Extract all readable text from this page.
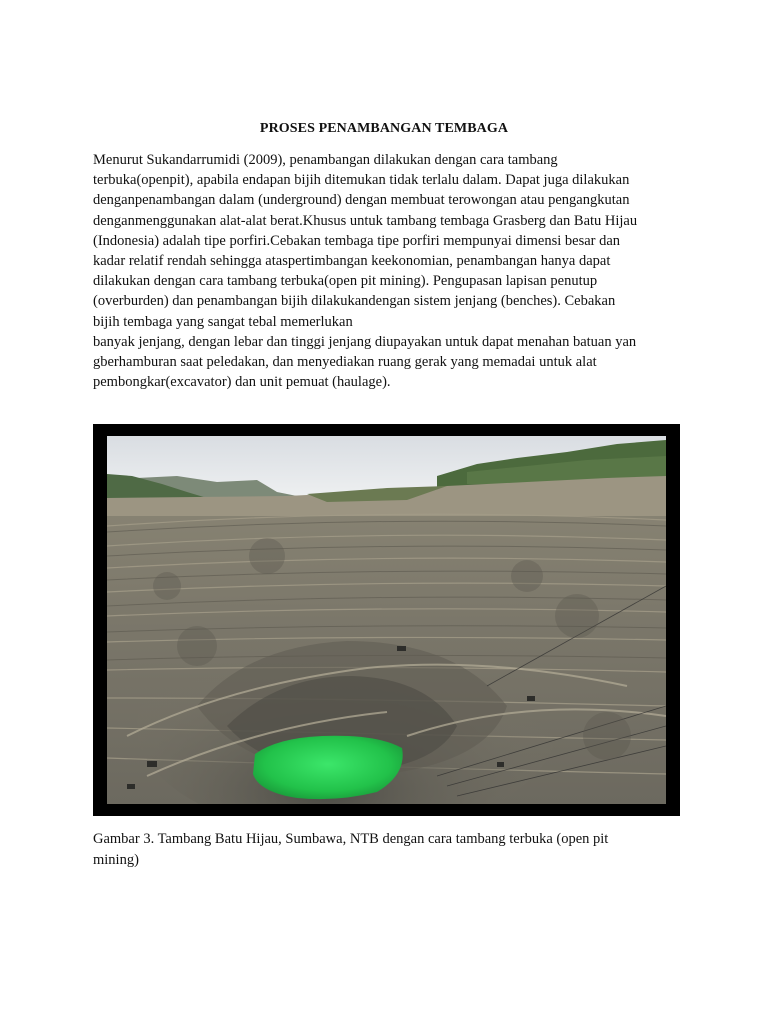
PROSES PENAMBANGAN TEMBAGA
Menurut Sukandarrumidi (2009), penambangan dilakukan dengan cara tambang
terbuka(openpit), apabila endapan bijih ditemukan tidak terlalu dalam. Dapat juga dilakukan
denganpenambangan dalam (underground) dengan membuat terowongan atau pengangkutan
denganmenggunakan alat-alat berat.Khusus untuk tambang tembaga Grasberg dan Batu Hijau
(Indonesia) adalah tipe porfiri.Cebakan tembaga tipe porfiri mempunyai dimensi besar dan
kadar relatif rendah sehingga ataspertimbangan keekonomian, penambangan hanya dapat
dilakukan dengan cara tambang terbuka(open pit mining). Pengupasan lapisan penutup
(overburden) dan penambangan bijih dilakukandengan sistem jenjang (benches). Cebakan
bijih tembaga yang sangat tebal memerlukan
banyak jenjang, dengan lebar dan tinggi jenjang diupayakan untuk dapat menahan batuan yan
gberhamburan saat peledakan, dan menyediakan ruang gerak yang memadai untuk alat
pembongkar(excavator) dan unit pemuat (haulage).
Gambar 3. Tambang Batu Hijau, Sumbawa, NTB dengan cara tambang terbuka (open pit
mining)
